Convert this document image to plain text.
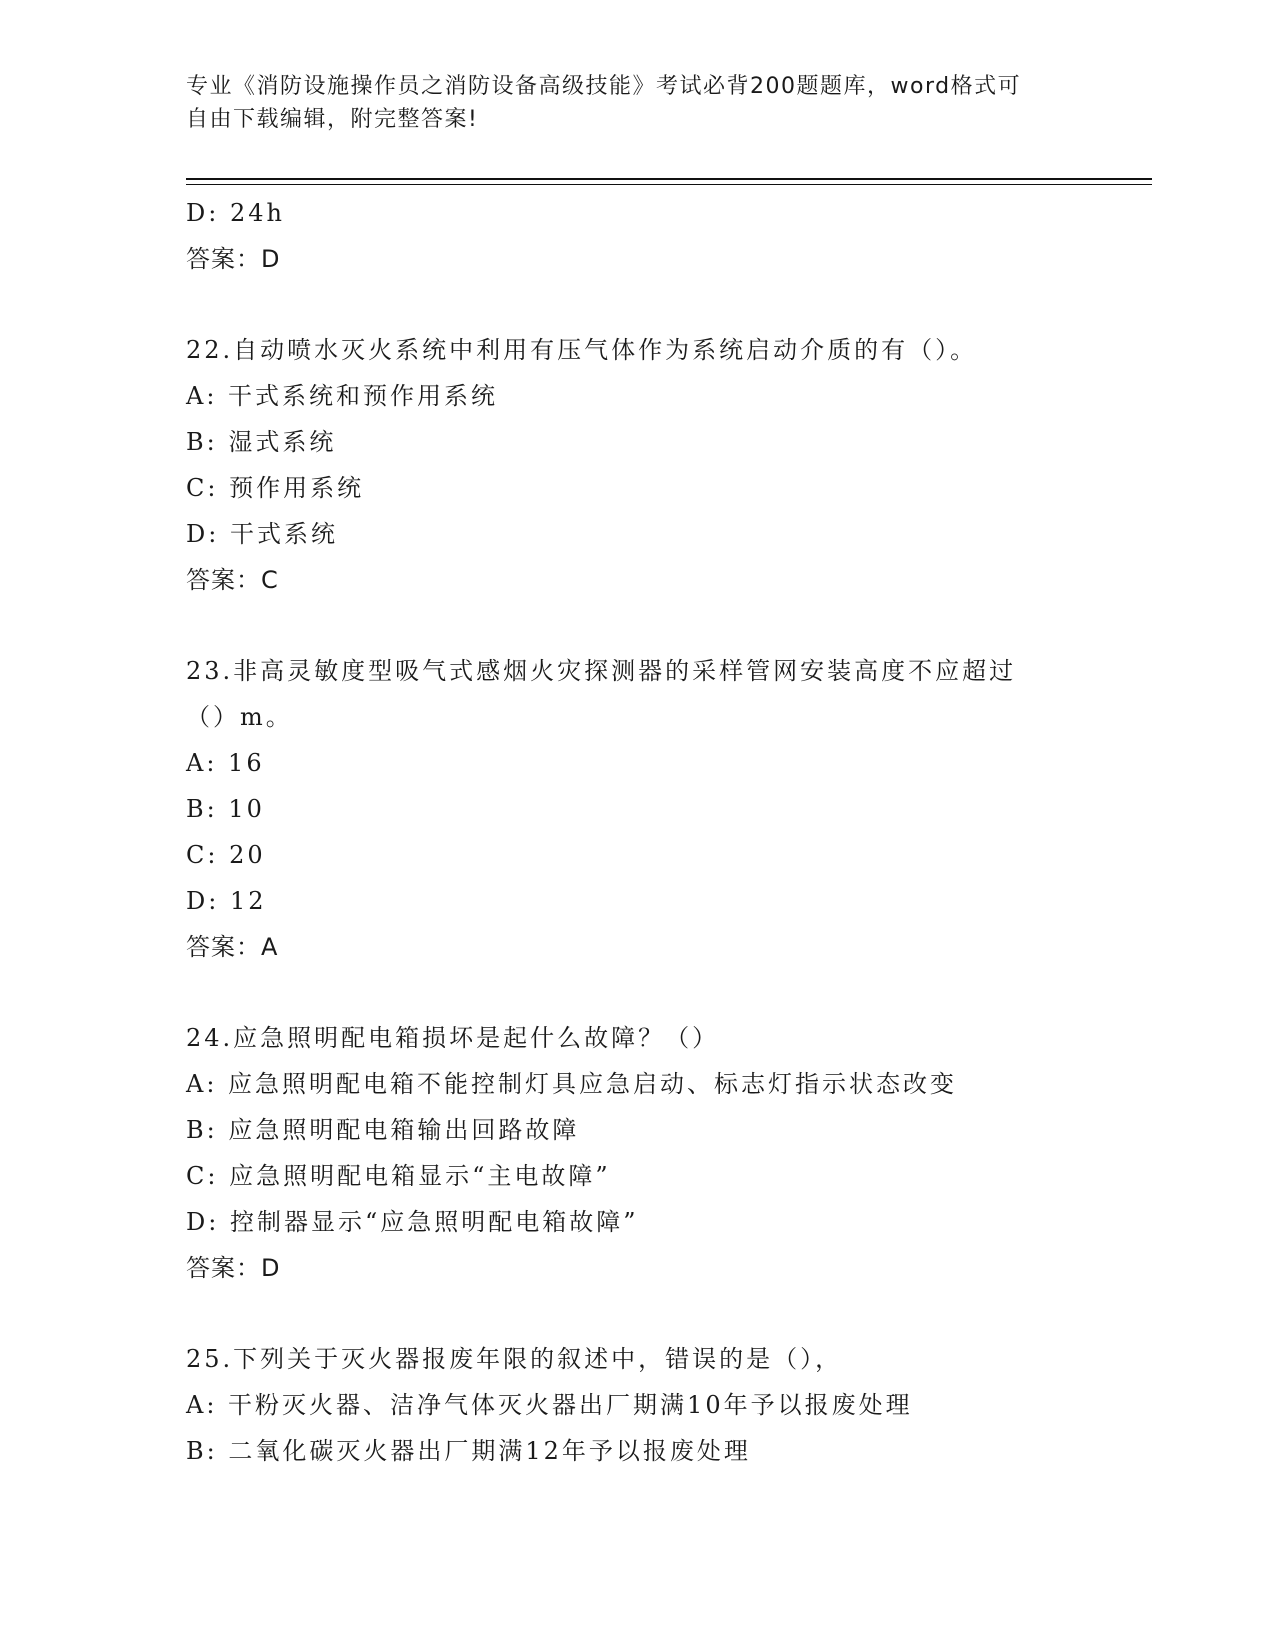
专业《消防设施操作员之消防设备高级技能》考试必背200题题库，word格式可
自由下载编辑，附完整答案!
D: 24h
答案：D
22.自动喷水灭火系统中利用有压气体作为系统启动介质的有（）。
A: 干式系统和预作用系统
B: 湿式系统
C: 预作用系统
D: 干式系统
答案：C
23.非高灵敏度型吸气式感烟火灾探测器的采样管网安装高度不应超过
（）m。
A: 16
B: 10
C: 20
D: 12
答案：A
24.应急照明配电箱损坏是起什么故障？（）
A: 应急照明配电箱不能控制灯具应急启动、标志灯指示状态改变
B: 应急照明配电箱输出回路故障
C: 应急照明配电箱显示“主电故障”
D: 控制器显示“应急照明配电箱故障”
答案：D
25.下列关于灭火器报废年限的叙述中，错误的是（），
A: 干粉灭火器、洁净气体灭火器出厂期满10年予以报废处理
B: 二氧化碳灭火器出厂期满12年予以报废处理
